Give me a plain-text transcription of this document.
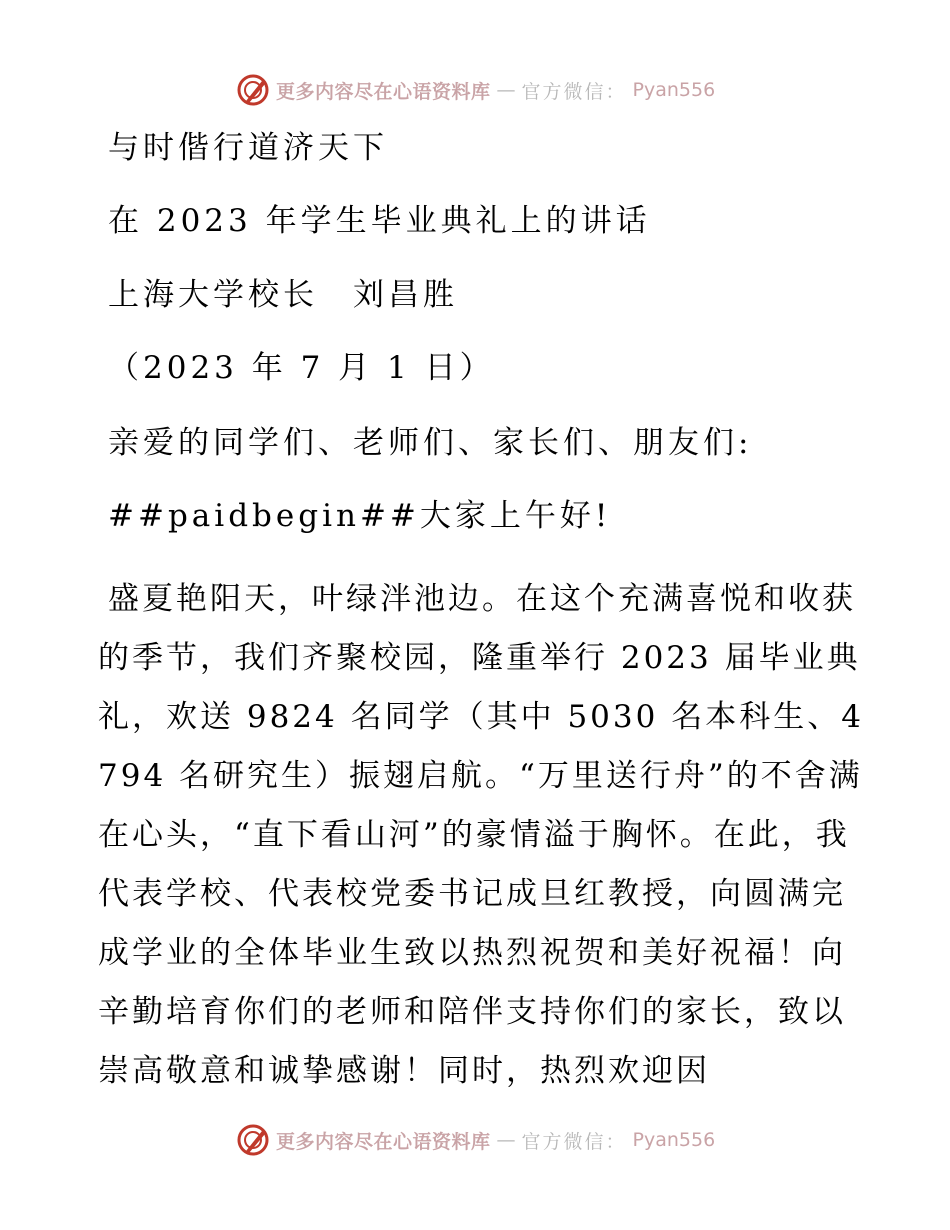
更多内容尽在心语资料库 — 官方微信： Pyan556
与时偕行道济天下
在 2023 年学生毕业典礼上的讲话
上海大学校长　刘昌胜
（2023 年 7 月 1 日）
亲爱的同学们、老师们、家长们、朋友们:
##paidbegin##大家上午好!
盛夏艳阳天，叶绿泮池边。在这个充满喜悦和收获的季节，我们齐聚校园，隆重举行 2023 届毕业典礼，欢送 9824 名同学（其中 5030 名本科生、4794 名研究生）振翅启航。“万里送行舟”的不舍满在心头，“直下看山河”的豪情溢于胸怀。在此，我代表学校、代表校党委书记成旦红教授，向圆满完成学业的全体毕业生致以热烈祝贺和美好祝福！向辛勤培育你们的老师和陪伴支持你们的家长，致以崇高敬意和诚挚感谢！同时，热烈欢迎因
更多内容尽在心语资料库 — 官方微信： Pyan556
